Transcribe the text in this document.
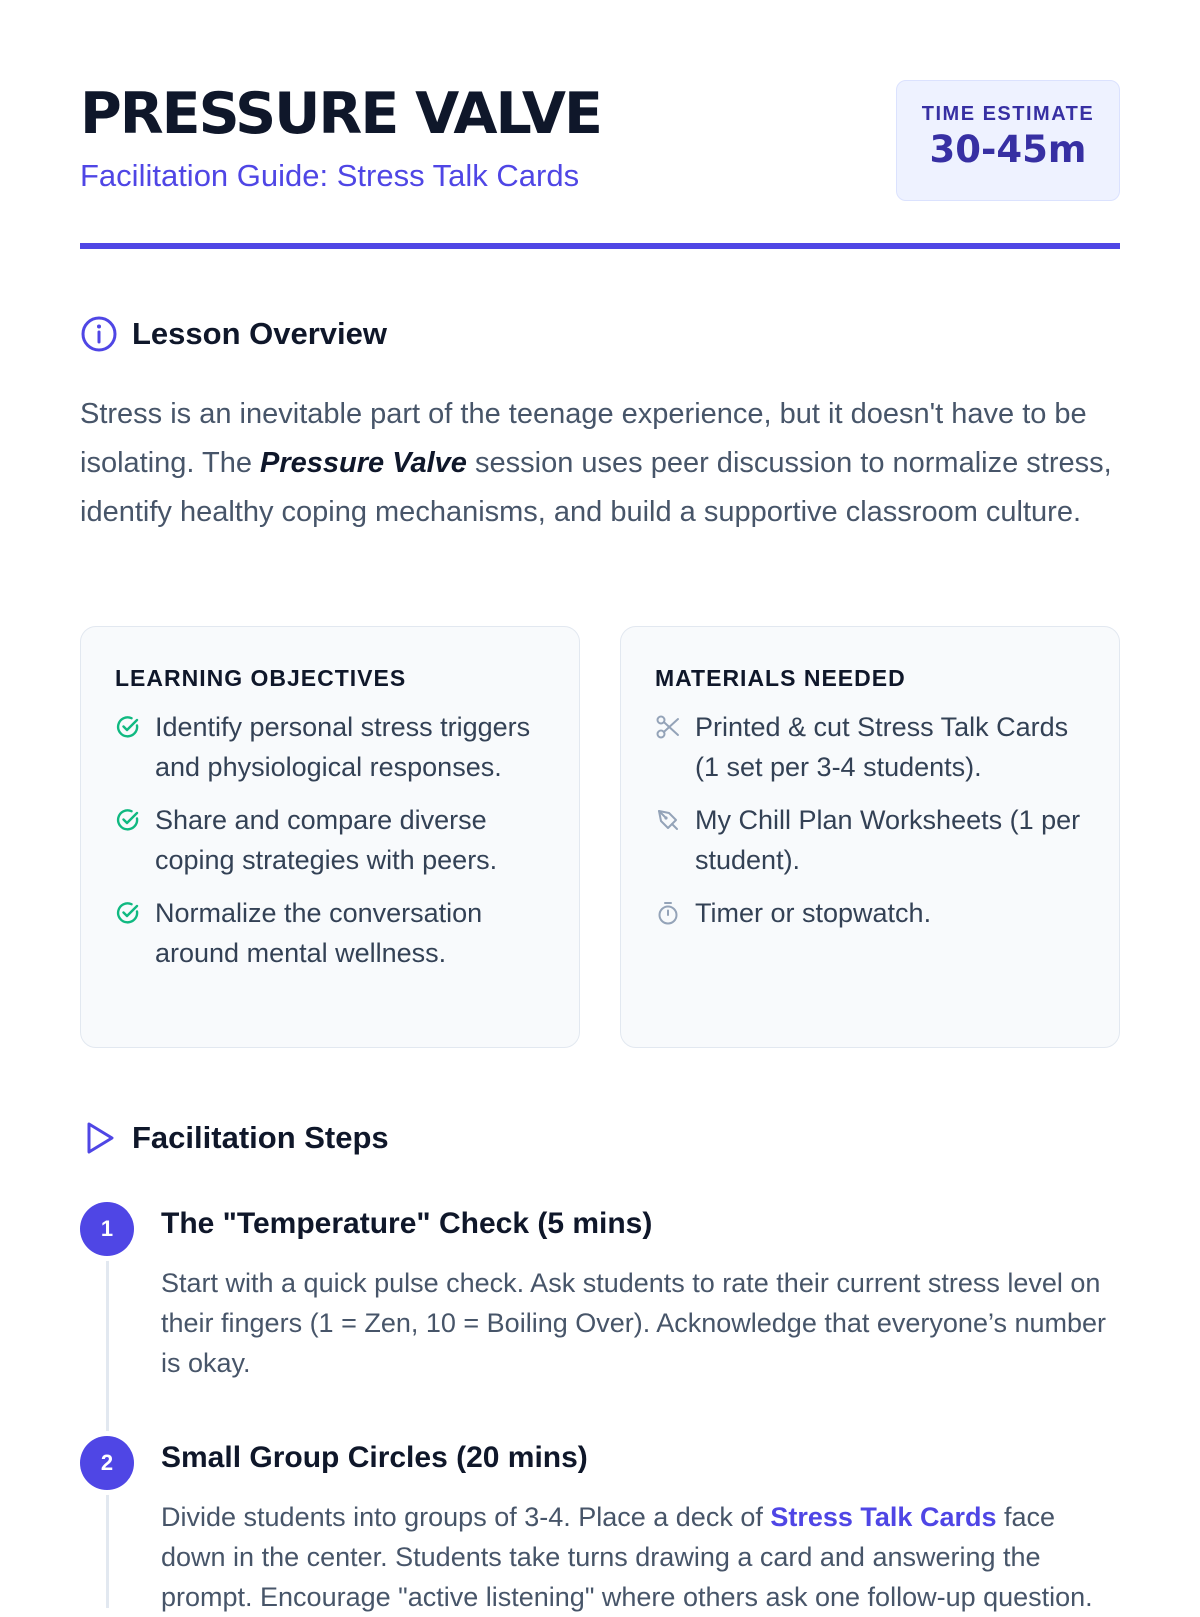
PRESSURE VALVE

Facilitation Guide: Stress Talk Cards

TIME ESTIMATE
30-45m
Lesson Overview

Stress is an inevitable part of the teenage experience, but it doesn't have to be isolating. The Pressure Valve session uses peer discussion to normalize stress, identify healthy coping mechanisms, and build a supportive classroom culture.

LEARNING OBJECTIVES
Identify personal stress triggers and physiological responses.
Share and compare diverse coping strategies with peers.
Normalize the conversation around mental wellness.
MATERIALS NEEDED
Printed & cut Stress Talk Cards (1 set per 3-4 students).
My Chill Plan Worksheets (1 per student).
Timer or stopwatch.
Facilitation Steps
1	The "Temperature" Check (5 mins)

Start with a quick pulse check. Ask students to rate their current stress level on their fingers (1 = Zen, 10 = Boiling Over). Acknowledge that everyone’s number is okay.

2	Small Group Circles (20 mins)

Divide students into groups of 3-4. Place a deck of Stress Talk Cards face down in the center. Students take turns drawing a card and answering the prompt. Encourage "active listening" where others ask one follow-up question.
